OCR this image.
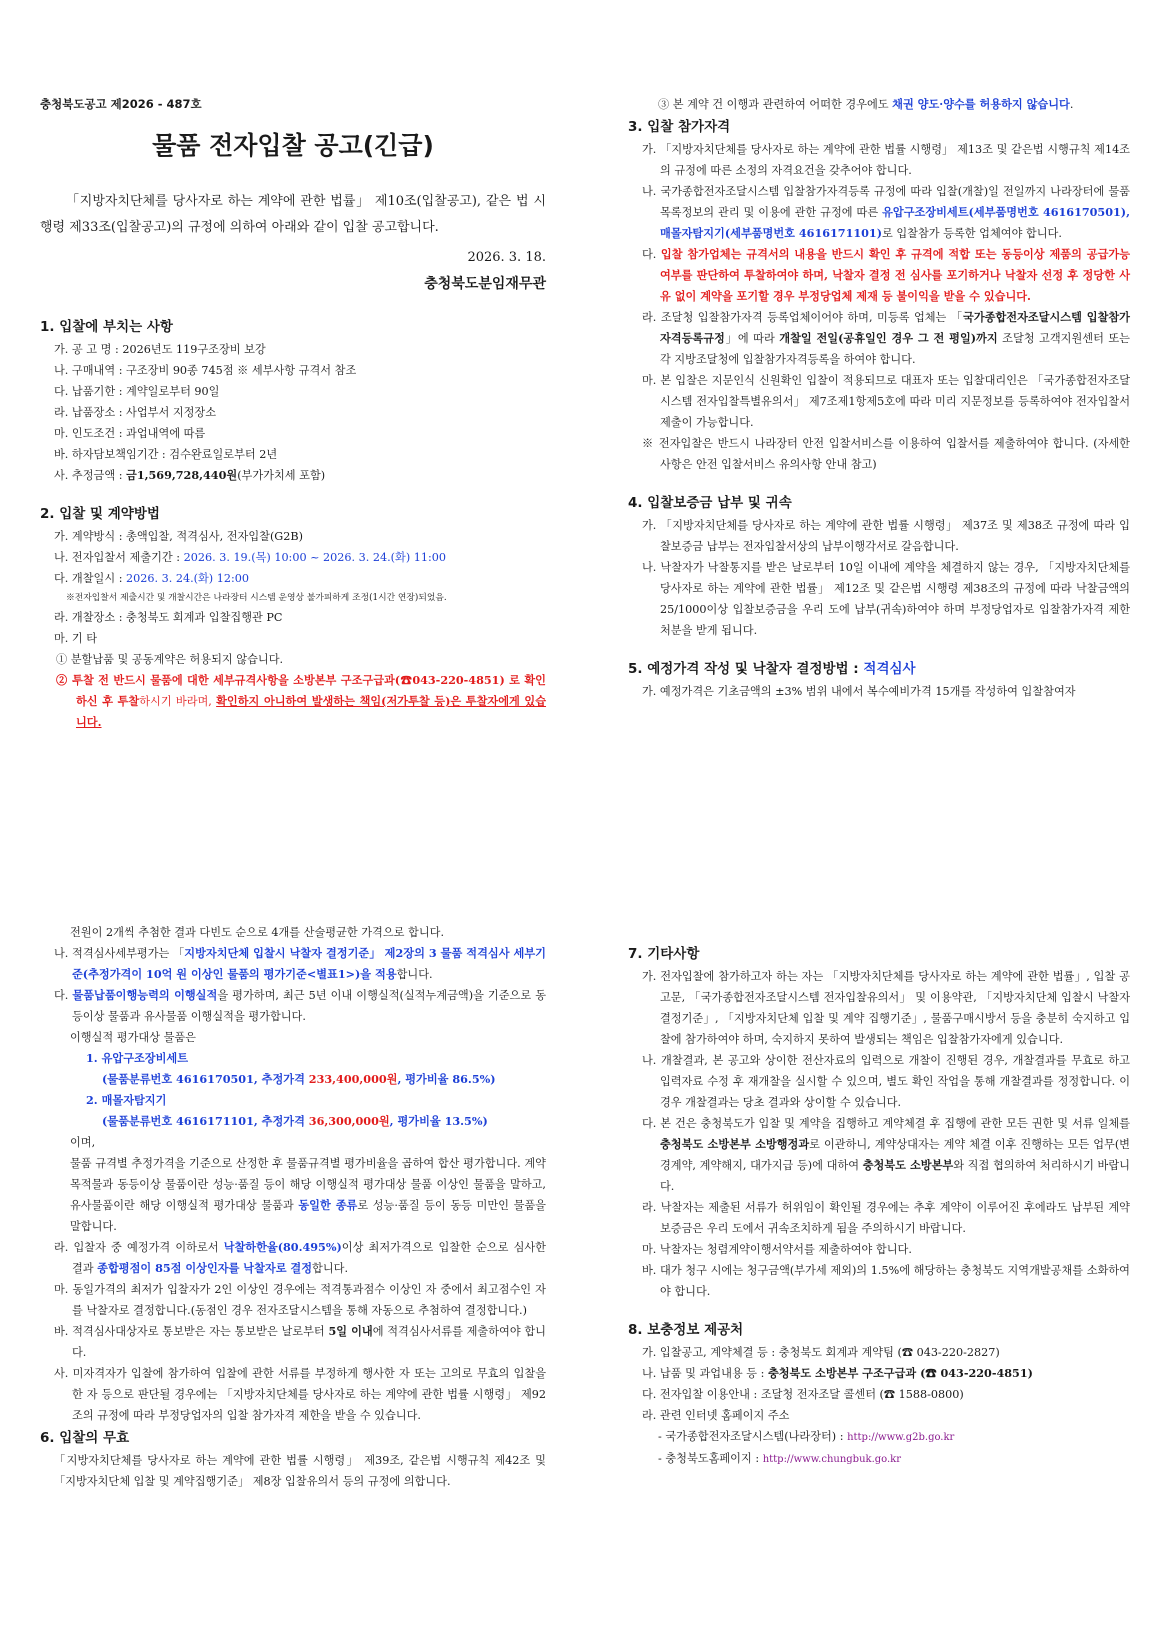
충청북도공고 제2026 - 487호

물품 전자입찰 공고(긴급)

「지방자치단체를 당사자로 하는 계약에 관한 법률」 제10조(입찰공고), 같은 법 시행령 제33조(입찰공고)의 규정에 의하여 아래와 같이 입찰 공고합니다.

2026. 3. 18.

충청북도분임재무관

1. 입찰에 부치는 사항

가. 공 고 명 : 2026년도 119구조장비 보강

나. 구매내역 : 구조장비 90종 745점 ※ 세부사항 규격서 참조

다. 납품기한 : 계약일로부터 90일

라. 납품장소 : 사업부서 지정장소

마. 인도조건 : 과업내역에 따름

바. 하자담보책임기간 : 검수완료일로부터 2년

사. 추정금액 : 금1,569,728,440원(부가가치세 포함)

2. 입찰 및 계약방법

가. 계약방식 : 총액입찰, 적격심사, 전자입찰(G2B)

나. 전자입찰서 제출기간 : 2026. 3. 19.(목) 10:00 ~ 2026. 3. 24.(화) 11:00

다. 개찰일시 : 2026. 3. 24.(화) 12:00

※전자입찰서 제출시간 및 개찰시간은 나라장터 시스템 운영상 불가피하게 조정(1시간 연장)되었음.

라. 개찰장소 : 충청북도 회계과 입찰집행관 PC

마. 기 타

① 분할납품 및 공동계약은 허용되지 않습니다.

② 투찰 전 반드시 물품에 대한 세부규격사항을 소방본부 구조구급과(☎043-220-4851) 로 확인하신 후 투찰하시기 바라며, 확인하지 아니하여 발생하는 책임(저가투찰 등)은 투찰자에게 있습니다.

③ 본 계약 건 이행과 관련하여 어떠한 경우에도 채권 양도·양수를 허용하지 않습니다.

3. 입찰 참가자격

가. 「지방자치단체를 당사자로 하는 계약에 관한 법률 시행령」 제13조 및 같은법 시행규칙 제14조의 규정에 따른 소정의 자격요건을 갖추어야 합니다.

나. 국가종합전자조달시스템 입찰참가자격등록 규정에 따라 입찰(개찰)일 전일까지 나라장터에 물품목록정보의 관리 및 이용에 관한 규정에 따른 유압구조장비세트(세부품명번호 4616170501), 매몰자탐지기(세부품명번호 4616171101)로 입찰참가 등록한 업체여야 합니다.

다. 입찰 참가업체는 규격서의 내용을 반드시 확인 후 규격에 적합 또는 동등이상 제품의 공급가능 여부를 판단하여 투찰하여야 하며, 낙찰자 결정 전 심사를 포기하거나 낙찰자 선정 후 정당한 사유 없이 계약을 포기할 경우 부정당업체 제재 등 불이익을 받을 수 있습니다.

라. 조달청 입찰참가자격 등록업체이어야 하며, 미등록 업체는 「국가종합전자조달시스템 입찰참가자격등록규정」에 따라 개찰일 전일(공휴일인 경우 그 전 평일)까지 조달청 고객지원센터 또는 각 지방조달청에 입찰참가자격등록을 하여야 합니다.

마. 본 입찰은 지문인식 신원확인 입찰이 적용되므로 대표자 또는 입찰대리인은 「국가종합전자조달시스템 전자입찰특별유의서」 제7조제1항제5호에 따라 미리 지문정보를 등록하여야 전자입찰서 제출이 가능합니다.

※ 전자입찰은 반드시 나라장터 안전 입찰서비스를 이용하여 입찰서를 제출하여야 합니다. (자세한 사항은 안전 입찰서비스 유의사항 안내 참고)

4. 입찰보증금 납부 및 귀속

가. 「지방자치단체를 당사자로 하는 계약에 관한 법률 시행령」 제37조 및 제38조 규정에 따라 입찰보증금 납부는 전자입찰서상의 납부이행각서로 갈음합니다.

나. 낙찰자가 낙찰통지를 받은 날로부터 10일 이내에 계약을 체결하지 않는 경우, 「지방자치단체를 당사자로 하는 계약에 관한 법률」 제12조 및 같은법 시행령 제38조의 규정에 따라 낙찰금액의 25/1000이상 입찰보증금을 우리 도에 납부(귀속)하여야 하며 부정당업자로 입찰참가자격 제한 처분을 받게 됩니다.

5. 예정가격 작성 및 낙찰자 결정방법 : 적격심사

가. 예정가격은 기초금액의 ±3% 범위 내에서 복수예비가격 15개를 작성하여 입찰참여자

전원이 2개씩 추첨한 결과 다빈도 순으로 4개를 산술평균한 가격으로 합니다.

나. 적격심사세부평가는 「지방자치단체 입찰시 낙찰자 결정기준」 제2장의 3 물품 적격심사 세부기준(추정가격이 10억 원 이상인 물품의 평가기준<별표1>)을 적용합니다.

다. 물품납품이행능력의 이행실적을 평가하며, 최근 5년 이내 이행실적(실적누계금액)을 기준으로 동등이상 물품과 유사물품 이행실적을 평가합니다.

이행실적 평가대상 물품은

1. 유압구조장비세트

(물품분류번호 4616170501, 추정가격 233,400,000원, 평가비율 86.5%)

2. 매몰자탐지기

(물품분류번호 4616171101, 추정가격 36,300,000원, 평가비율 13.5%)

이며,

물품 규격별 추정가격을 기준으로 산정한 후 물품규격별 평가비율을 곱하여 합산 평가합니다. 계약목적물과 동등이상 물품이란 성능·품질 등이 해당 이행실적 평가대상 물품 이상인 물품을 말하고, 유사물품이란 해당 이행실적 평가대상 물품과 동일한 종류로 성능·품질 등이 동등 미만인 물품을 말합니다.

라. 입찰자 중 예정가격 이하로서 낙찰하한율(80.495%)이상 최저가격으로 입찰한 순으로 심사한 결과 종합평점이 85점 이상인자를 낙찰자로 결정합니다.

마. 동일가격의 최저가 입찰자가 2인 이상인 경우에는 적격통과점수 이상인 자 중에서 최고점수인 자를 낙찰자로 결정합니다.(동점인 경우 전자조달시스템을 통해 자동으로 추첨하여 결정합니다.)

바. 적격심사대상자로 통보받은 자는 통보받은 날로부터 5일 이내에 적격심사서류를 제출하여야 합니다.

사. 미자격자가 입찰에 참가하여 입찰에 관한 서류를 부정하게 행사한 자 또는 고의로 무효의 입찰을 한 자 등으로 판단될 경우에는 「지방자치단체를 당사자로 하는 계약에 관한 법률 시행령」 제92조의 규정에 따라 부정당업자의 입찰 참가자격 제한을 받을 수 있습니다.

6. 입찰의 무효

「지방자치단체를 당사자로 하는 계약에 관한 법률 시행령」 제39조, 같은법 시행규칙 제42조 및 「지방자치단체 입찰 및 계약집행기준」 제8장 입찰유의서 등의 규정에 의합니다.

7. 기타사항

가. 전자입찰에 참가하고자 하는 자는 「지방자치단체를 당사자로 하는 계약에 관한 법률」, 입찰 공고문, 「국가종합전자조달시스템 전자입찰유의서」 및 이용약관, 「지방자치단체 입찰시 낙찰자 결정기준」, 「지방자치단체 입찰 및 계약 집행기준」, 물품구매시방서 등을 충분히 숙지하고 입찰에 참가하여야 하며, 숙지하지 못하여 발생되는 책임은 입찰참가자에게 있습니다.

나. 개찰결과, 본 공고와 상이한 전산자료의 입력으로 개찰이 진행된 경우, 개찰결과를 무효로 하고 입력자료 수정 후 재개찰을 실시할 수 있으며, 별도 확인 작업을 통해 개찰결과를 정정합니다. 이 경우 개찰결과는 당초 결과와 상이할 수 있습니다.

다. 본 건은 충청북도가 입찰 및 계약을 집행하고 계약체결 후 집행에 관한 모든 권한 및 서류 일체를 충청북도 소방본부 소방행정과로 이관하니, 계약상대자는 계약 체결 이후 진행하는 모든 업무(변경계약, 계약해지, 대가지급 등)에 대하여 충청북도 소방본부와 직접 협의하여 처리하시기 바랍니다.

라. 낙찰자는 제출된 서류가 허위임이 확인될 경우에는 추후 계약이 이루어진 후에라도 납부된 계약보증금은 우리 도에서 귀속조치하게 됨을 주의하시기 바랍니다.

마. 낙찰자는 청렴계약이행서약서를 제출하여야 합니다.

바. 대가 청구 시에는 청구금액(부가세 제외)의 1.5%에 해당하는 충청북도 지역개발공채를 소화하여야 합니다.

8. 보충정보 제공처

가. 입찰공고, 계약체결 등 : 충청북도 회계과 계약팀 (☎ 043-220-2827)

나. 납품 및 과업내용 등 : 충청북도 소방본부 구조구급과 (☎ 043-220-4851)

다. 전자입찰 이용안내 : 조달청 전자조달 콜센터 (☎ 1588-0800)

라. 관련 인터넷 홈페이지 주소

- 국가종합전자조달시스템(나라장터) : http://www.g2b.go.kr

- 충청북도홈페이지 : http://www.chungbuk.go.kr
